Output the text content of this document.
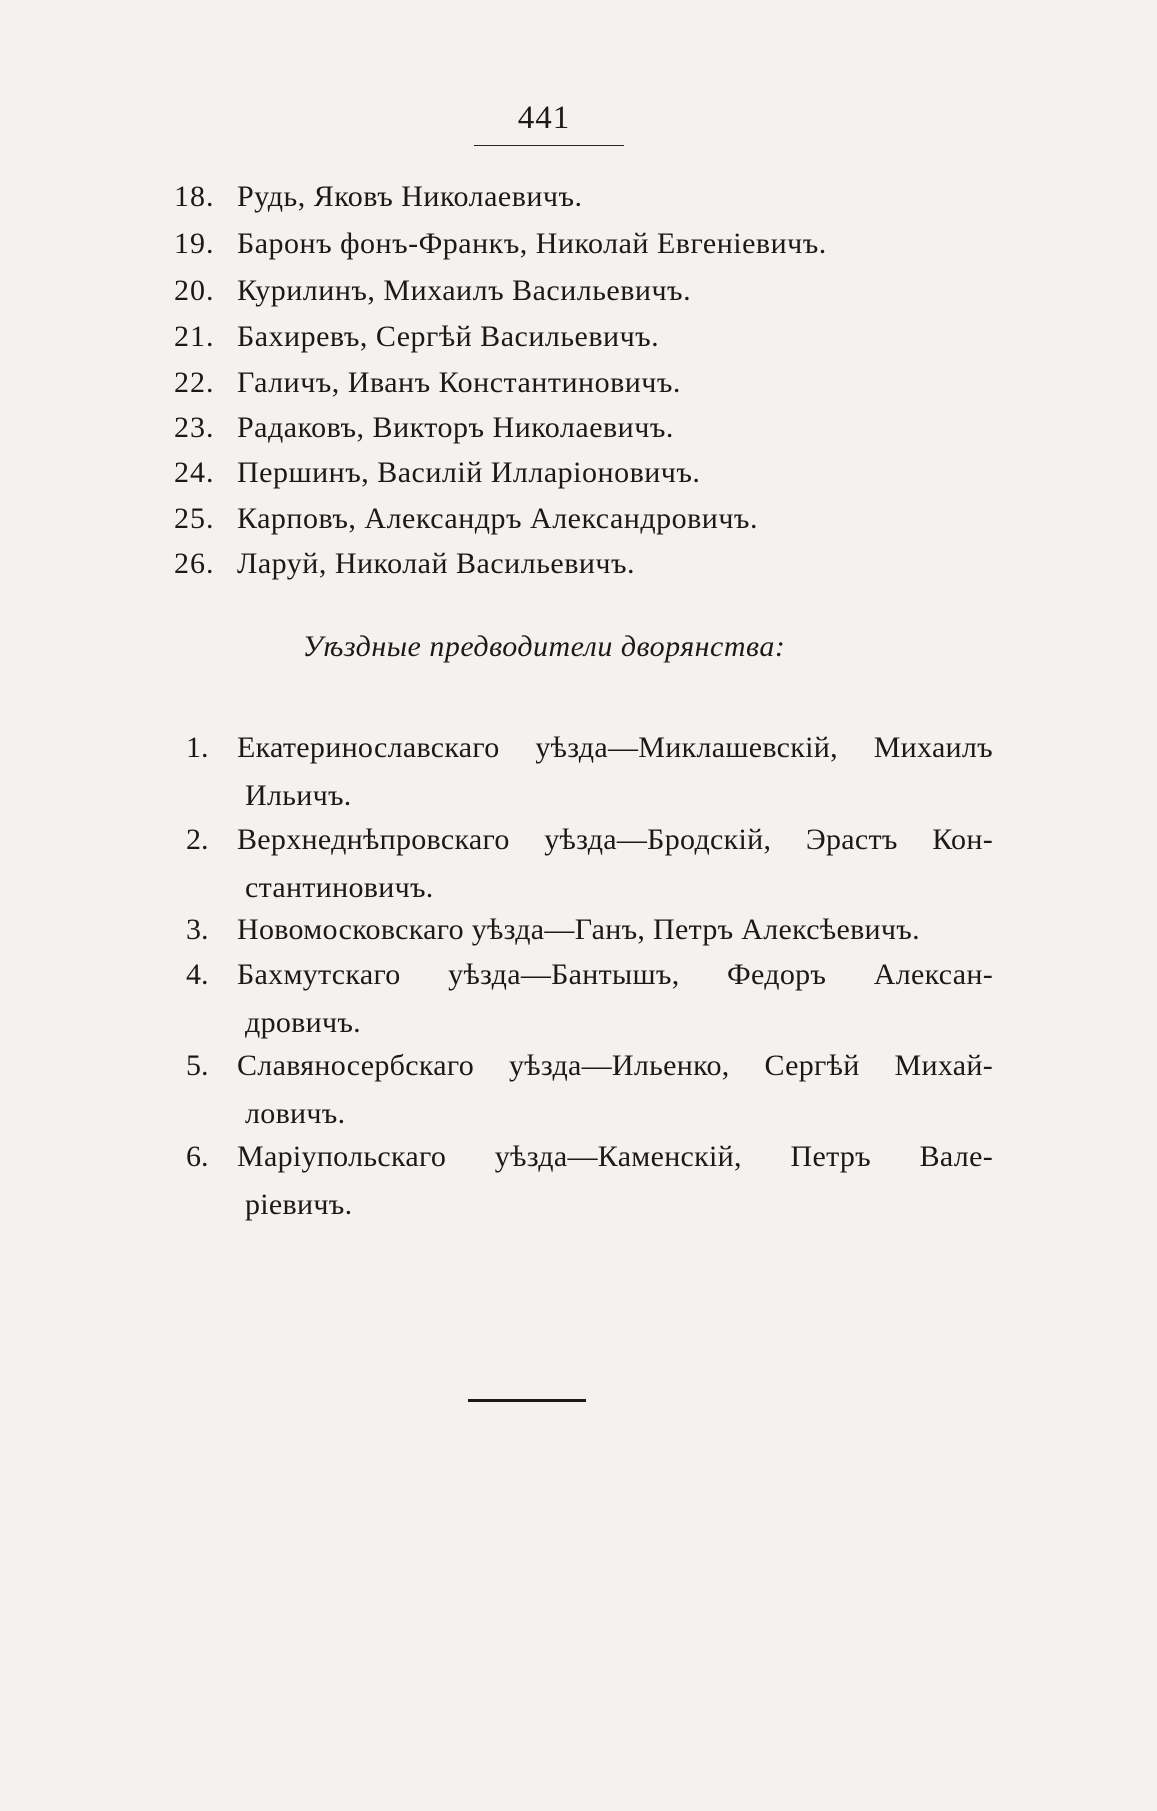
441
18. Рудь, Яковъ Николаевичъ.
19. Баронъ фонъ-Франкъ, Николай Евгеніевичъ.
20. Курилинъ, Михаилъ Васильевичъ.
21. Бахиревъ, Сергѣй Васильевичъ.
22. Галичъ, Иванъ Константиновичъ.
23. Радаковъ, Викторъ Николаевичъ.
24. Першинъ, Василій Илларіоновичъ.
25. Карповъ, Александръ Александровичъ.
26. Ларуй, Николай Васильевичъ.
Уѣздные предводители дворянства:
1. Екатеринославскаго уѣзда—Миклашевскій, Михаилъ
Ильичъ.
2. Верхнеднѣпровскаго уѣзда—Бродскій, Эрастъ Кон-
стантиновичъ.
3. Новомосковскаго уѣзда—Ганъ, Петръ Алексѣевичъ.
4. Бахмутскаго уѣзда—Бантышъ, Федоръ Алексан-
дровичъ.
5. Славяносербскаго уѣзда—Ильенко, Сергѣй Михай-
ловичъ.
6. Маріупольскаго уѣзда—Каменскій, Петръ Вале-
ріевичъ.
